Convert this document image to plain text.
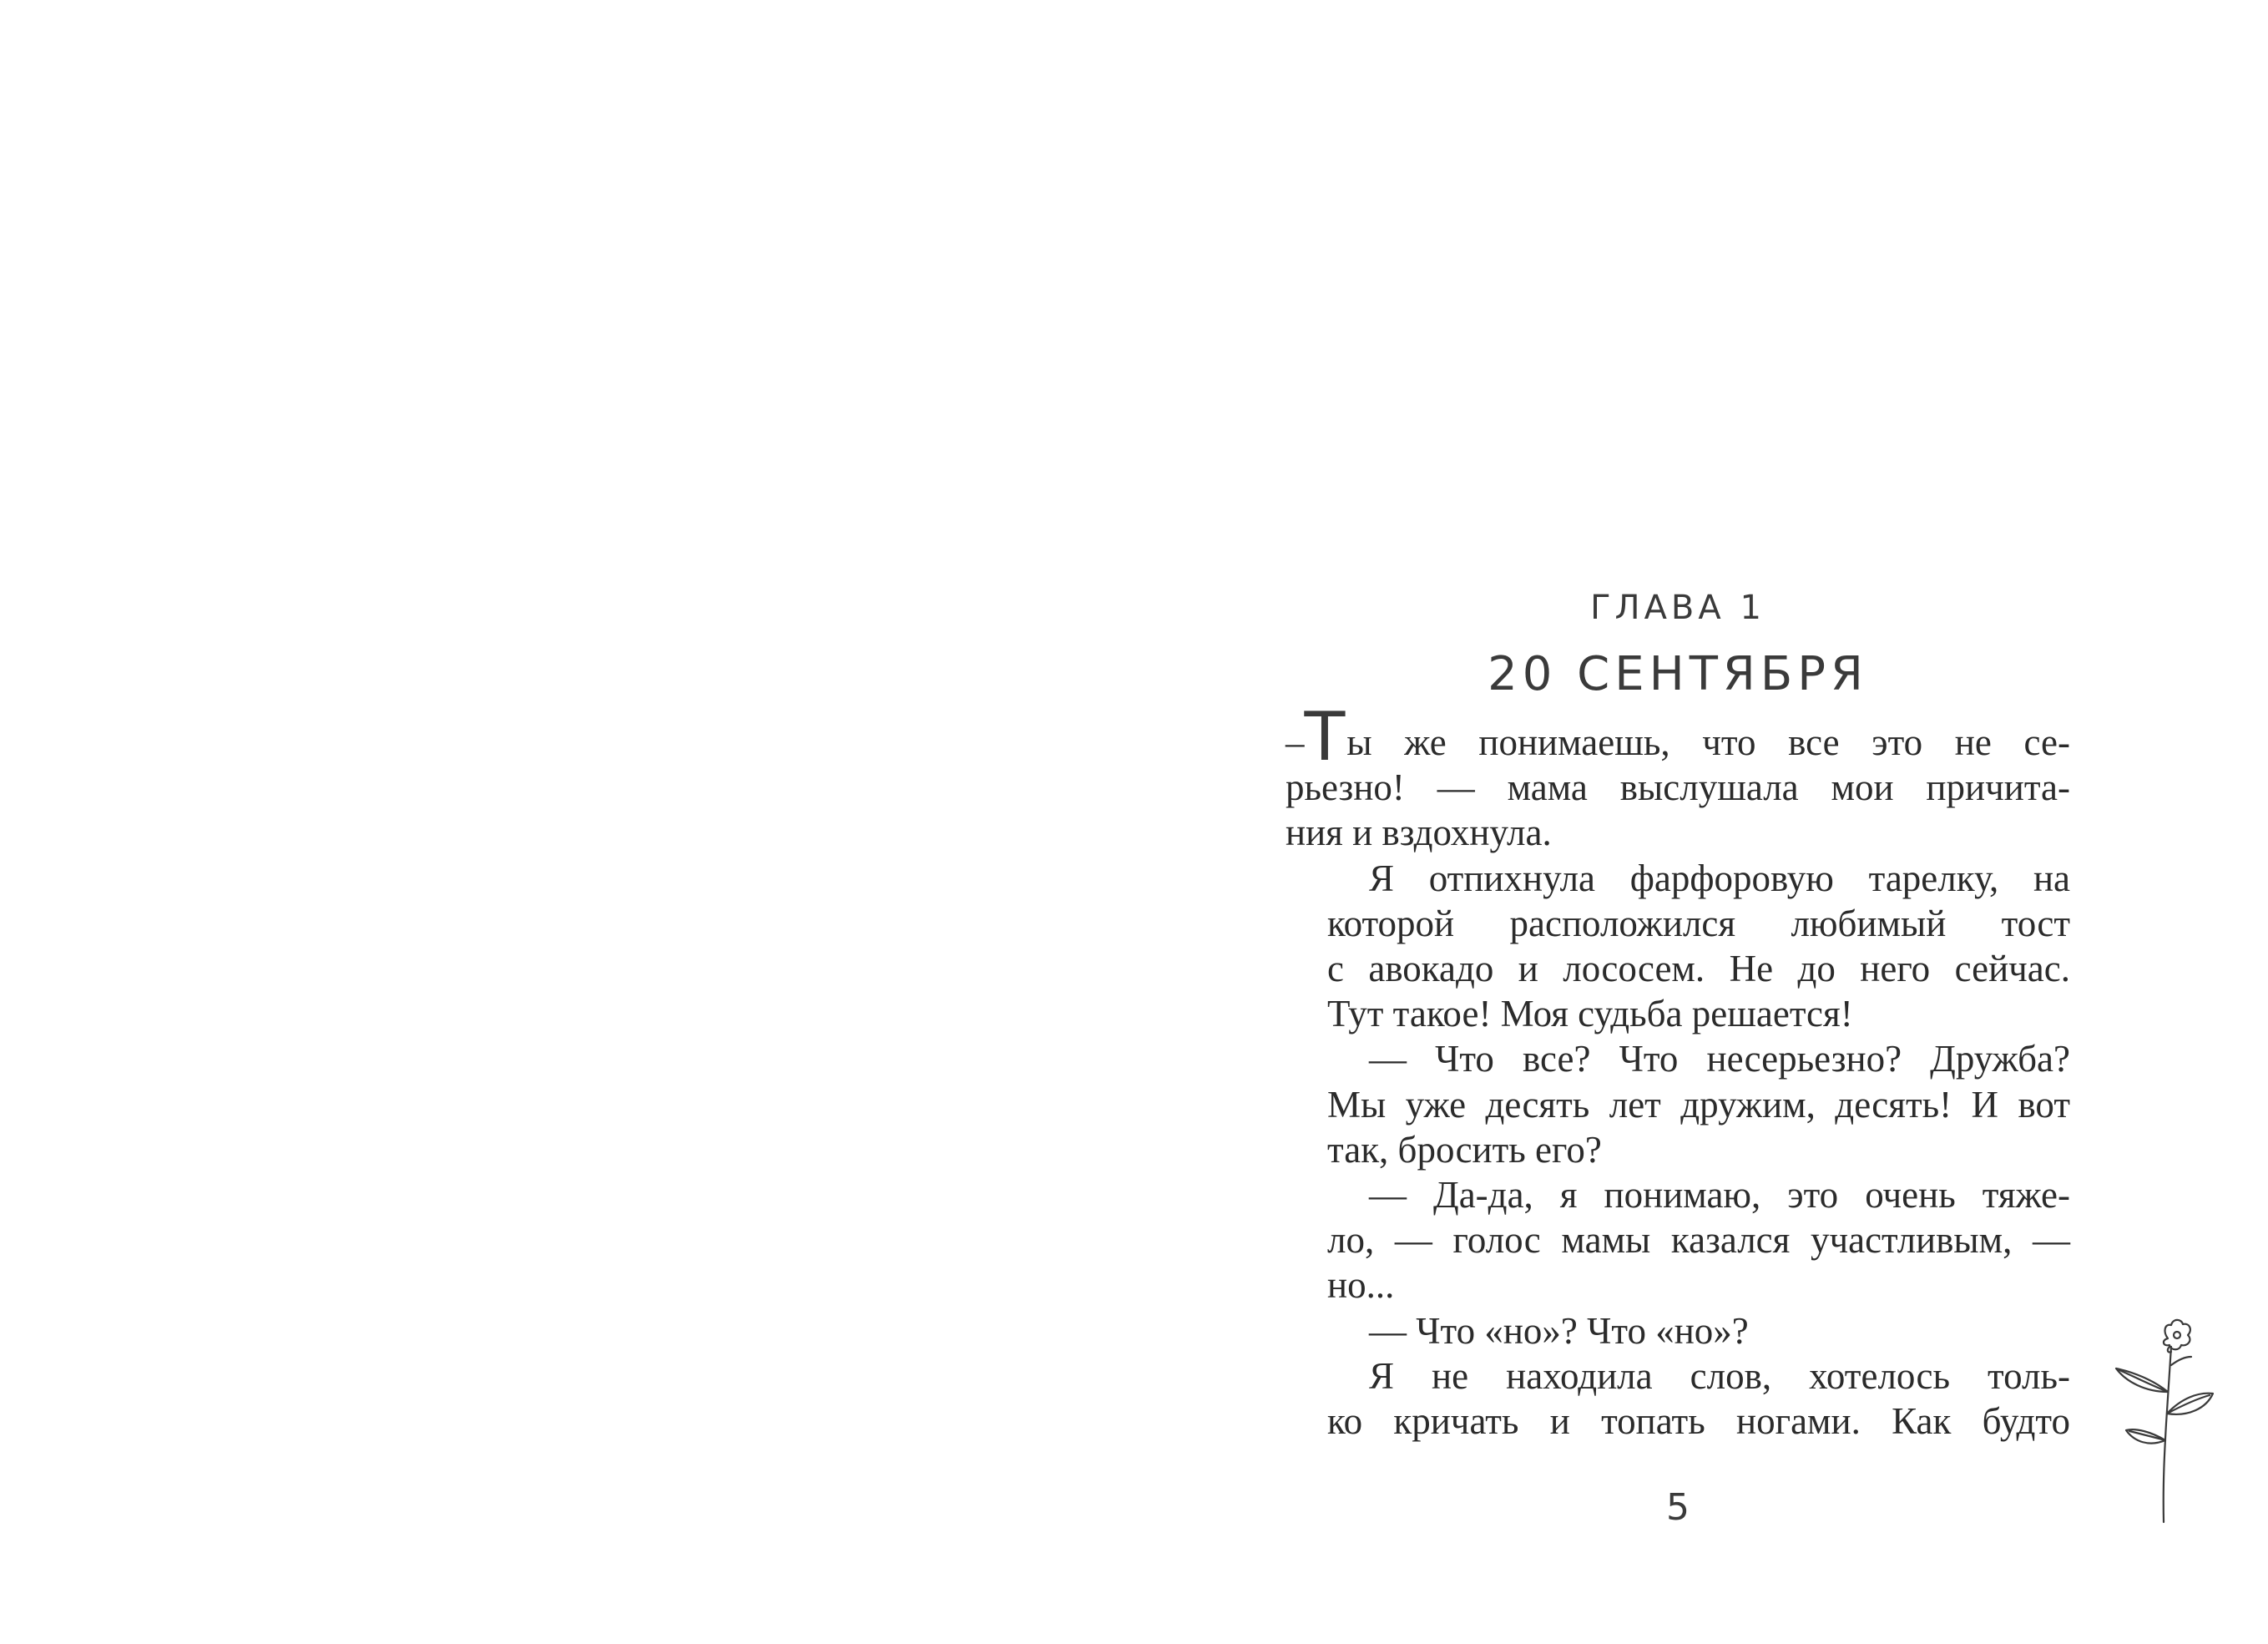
ГЛАВА 1
20 СЕНТЯБРЯ
–Ты же понимаешь, что все это не се-
рьезно! — мама выслушала мои причита-
ния и вздохнула.
Я отпихнула фарфоровую тарелку, на
которой расположился любимый тост
с авокадо и лососем. Не до него сейчас.
Тут такое! Моя судьба решается!
— Что все? Что несерьезно? Дружба?
Мы уже десять лет дружим, десять! И вот
так, бросить его?
— Да-да, я понимаю, это очень тяже-
ло, — голос мамы казался участливым, —
но...
— Что «но»? Что «но»?
Я не находила слов, хотелось толь-
ко кричать и топать ногами. Как будто
5
